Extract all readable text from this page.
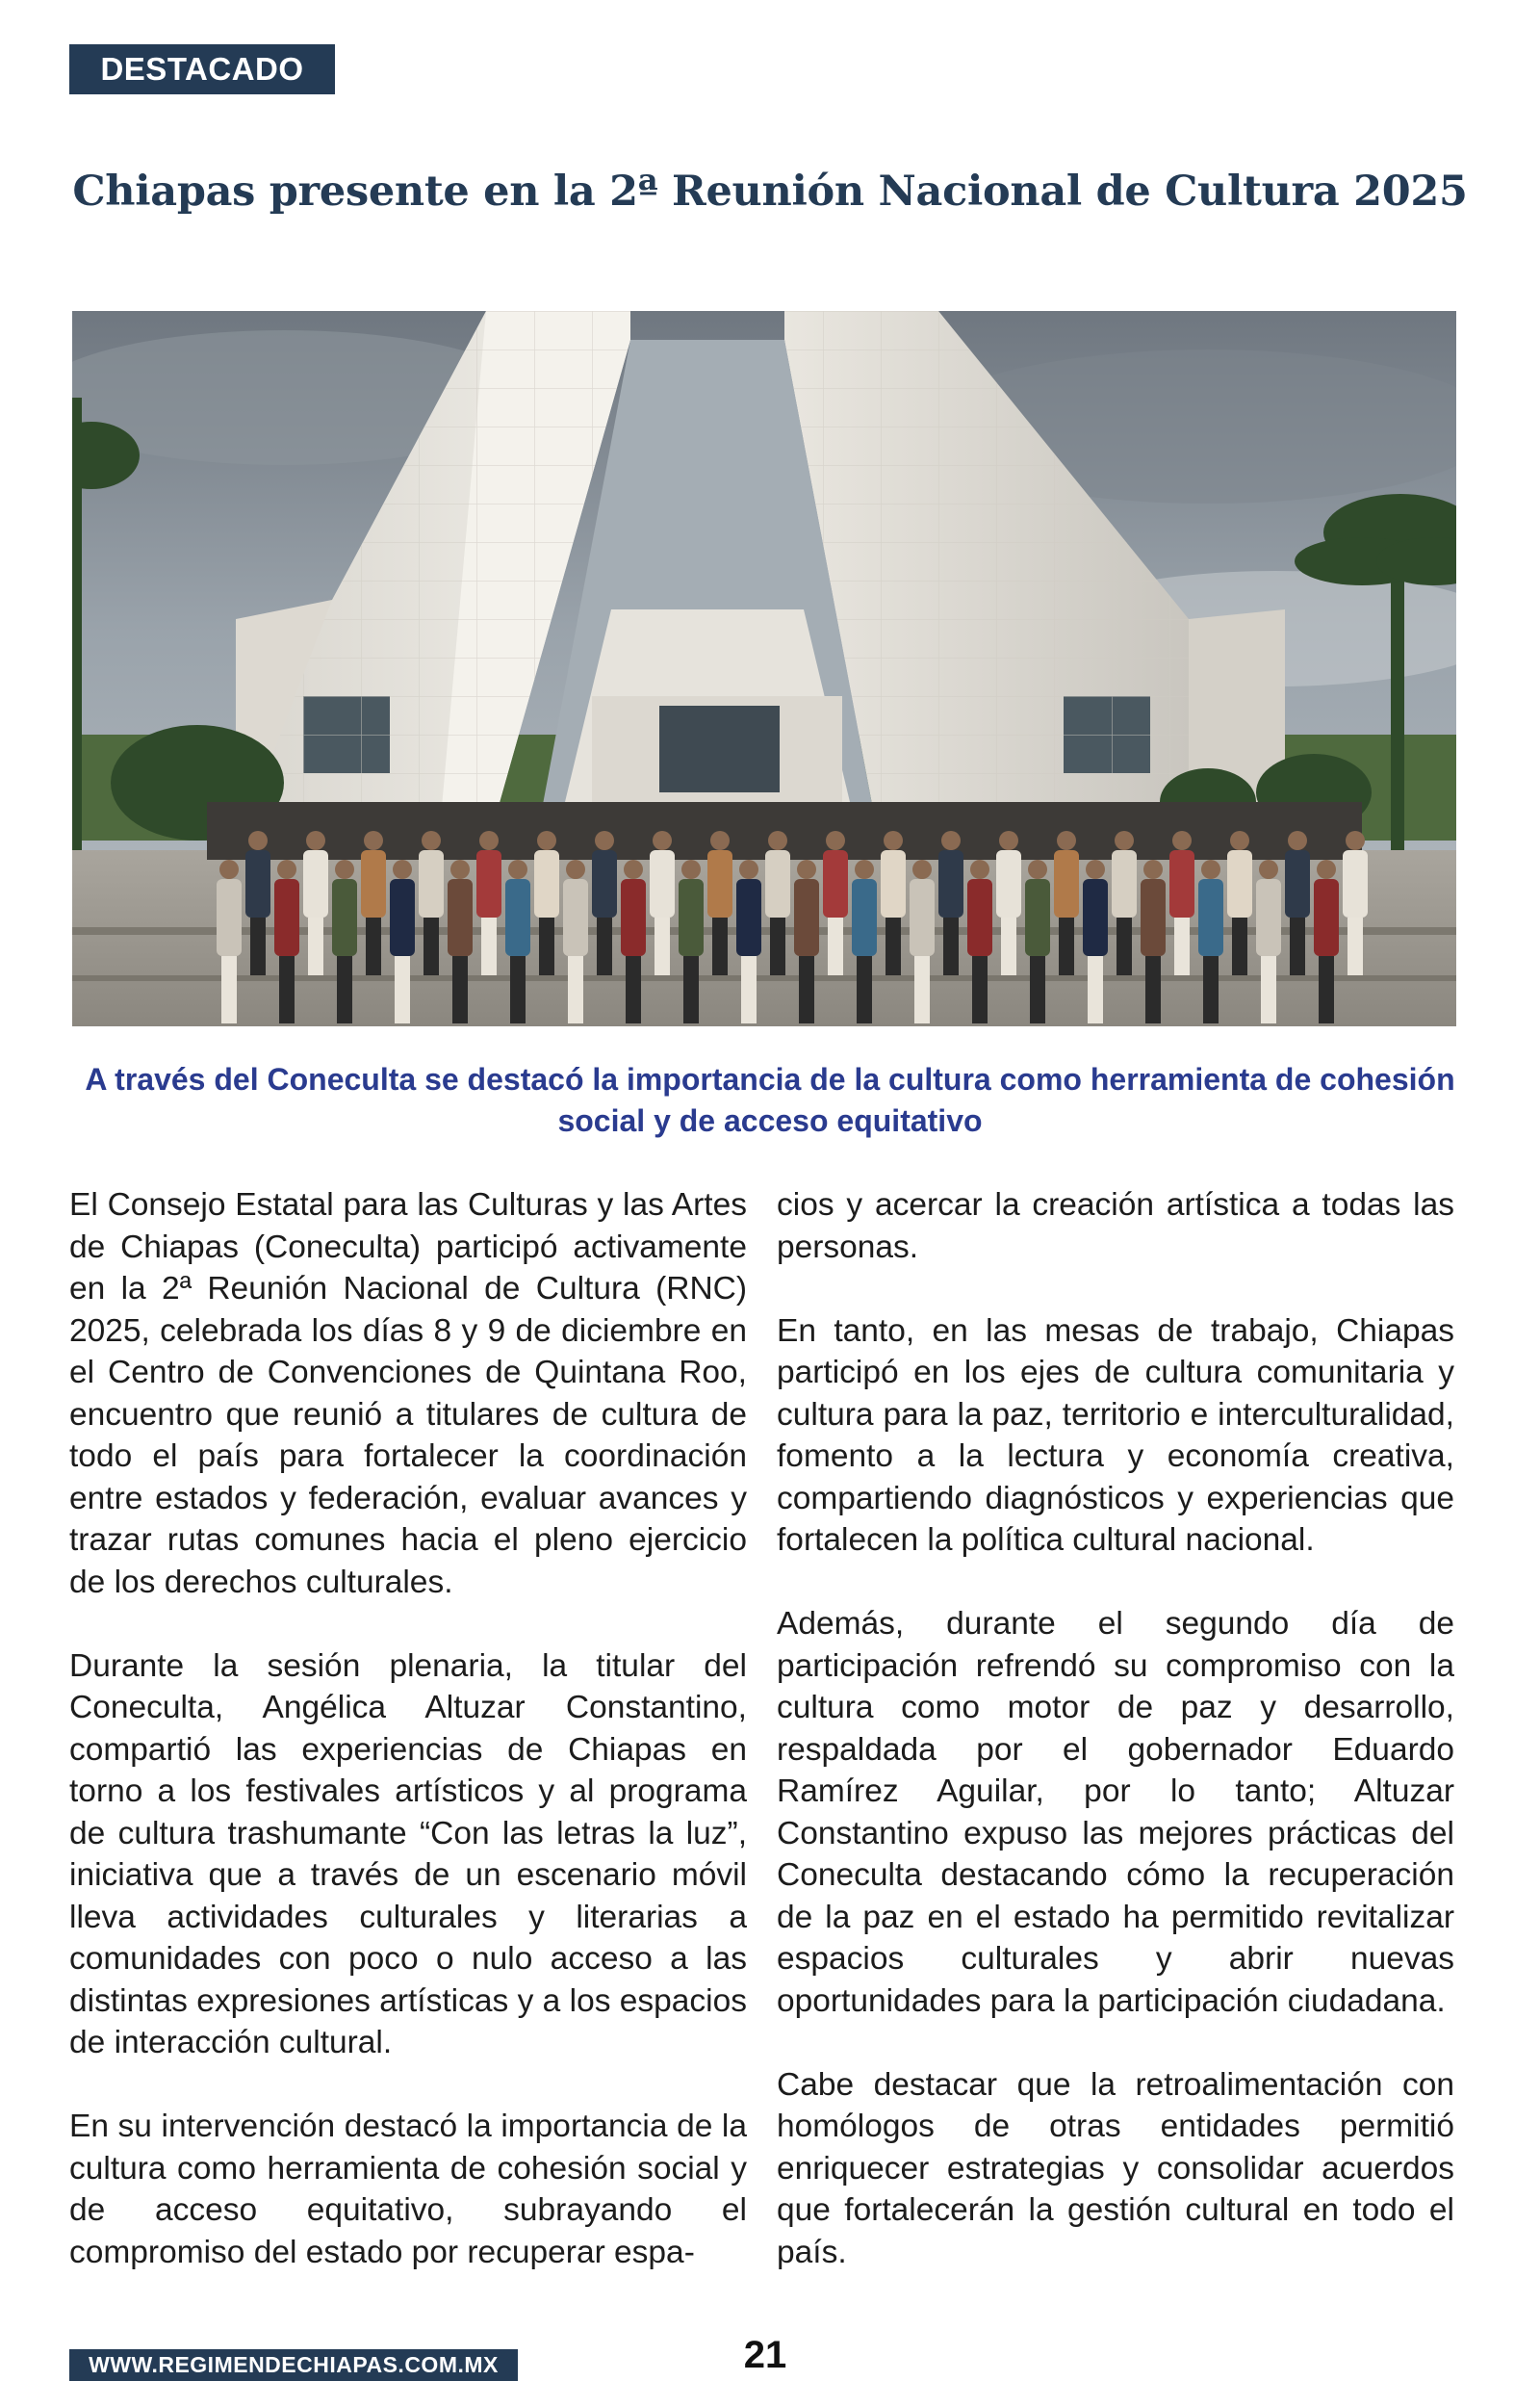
DESTACADO
Chiapas presente en la 2ª Reunión Nacional de Cultura 2025

A través del Coneculta se destacó la importancia de la cultura como herramienta de cohesión social y de acceso equitativo

El Consejo Estatal para las Culturas y las Artes de Chiapas (Coneculta) participó activamente en la 2ª Reunión Nacional de Cultura (RNC) 2025, celebrada los días 8 y 9 de diciembre en el Centro de Convenciones de Quintana Roo, encuentro que reunió a titulares de cultura de todo el país para fortalecer la coordinación entre estados y federación, evaluar avances y trazar rutas comunes hacia el pleno ejercicio de los derechos culturales.

Durante la sesión plenaria, la titular del Coneculta, Angélica Altuzar Constantino, compartió las experiencias de Chiapas en torno a los festivales artísticos y al programa de cultura trashumante “Con las letras la luz”, iniciativa que a través de un escenario móvil lleva actividades culturales y literarias a comunidades con poco o nulo acceso a las distintas expresiones artísticas y a los espacios de interacción cultural.

En su intervención destacó la importancia de la cultura como herramienta de cohesión social y de acceso equitativo, subrayando el compromiso del estado por recuperar espa-

cios y acercar la creación artística a todas las personas.

En tanto, en las mesas de trabajo, Chiapas participó en los ejes de cultura comunitaria y cultura para la paz, territorio e interculturalidad, fomento a la lectura y economía creativa, compartiendo diagnósticos y experiencias que fortalecen la política cultural nacional.

Además, durante el segundo día de participación refrendó su compromiso con la cultura como motor de paz y desarrollo, respaldada por el gobernador Eduardo Ramírez Aguilar, por lo tanto; Altuzar Constantino expuso las mejores prácticas del Coneculta destacando cómo la recuperación de la paz en el estado ha permitido revitalizar espacios culturales y abrir nuevas oportunidades para la participación ciudadana.

Cabe destacar que la retroalimentación con homólogos de otras entidades permitió enriquecer estrategias y consolidar acuerdos que fortalecerán la gestión cultural en todo el país.

WWW.REGIMENDECHIAPAS.COM.MX	21
